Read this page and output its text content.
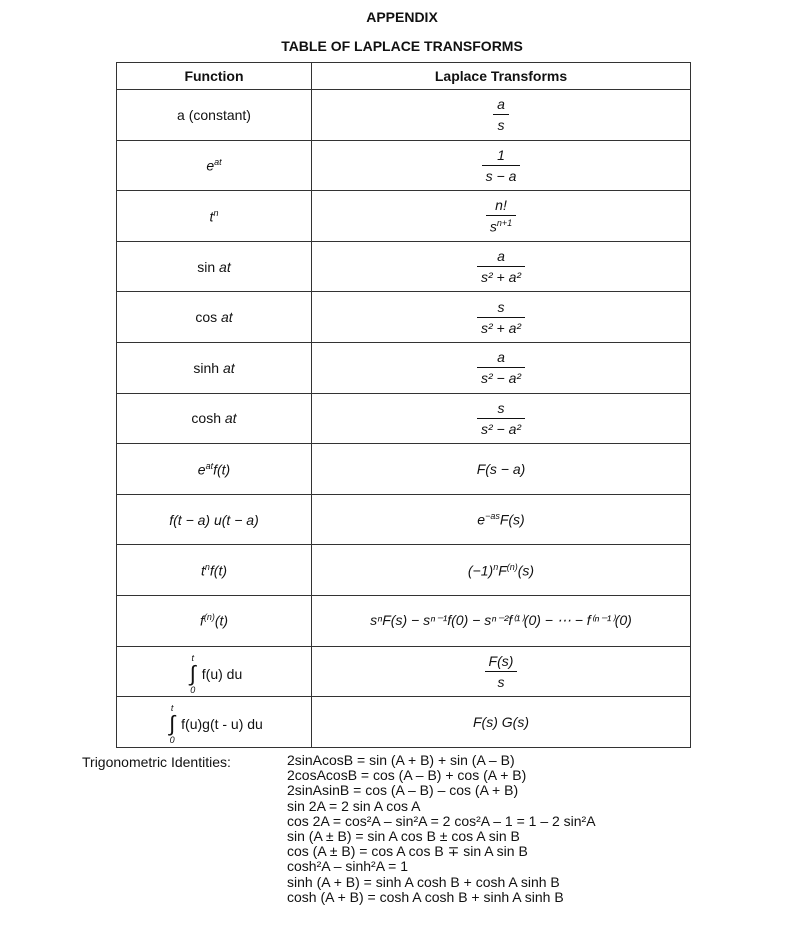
APPENDIX
TABLE OF LAPLACE TRANSFORMS
Function	Laplace Transforms
a (constant)	$\frac{a}{s}$

$e^{at}$	$\frac{1}{s - a}$

$t^n$	$\frac{n!}{s^{n+1}}$

sin at	$\frac{a}{\text{s² + a²}}$

cos at	$\frac{s}{\text{s² + a²}}$

sinh at	$\frac{a}{\text{s² − a²}}$

cosh at	$\frac{s}{\text{s² − a²}}$

$e^{at}f(t)$	F(s − a)
f(t − a) u(t − a)	$e^{-as}F(s)$
$t^nf(t)$	$(-1)^nF^{(n)}(s)$
$f^{(n)}(t)$	sⁿF(s) − sⁿ⁻¹f(0) − sⁿ⁻²f⁽¹⁾(0) − ⋯ − f⁽ⁿ⁻¹⁾(0)

t
∫
0
f(u) du	$\frac{F(s)}{s}$

t
∫
0
f(u)g(t - u) du	F(s) G(s)
Trigonometric Identities:	2sinAcosB = sin (A + B) + sin (A – B)
2cosAcosB = cos (A – B) + cos (A + B)
2sinAsinB = cos (A – B) – cos (A + B)
sin 2A = 2 sin A cos A
cos 2A = cos²A – sin²A = 2 cos²A – 1 = 1 – 2 sin²A
sin (A ± B) = sin A cos B ± cos A sin B
cos (A ± B) = cos A cos B ∓ sin A sin B
cosh²A – sinh²A = 1
sinh (A + B) = sinh A cosh B + cosh A sinh B
cosh (A + B) = cosh A cosh B + sinh A sinh B
